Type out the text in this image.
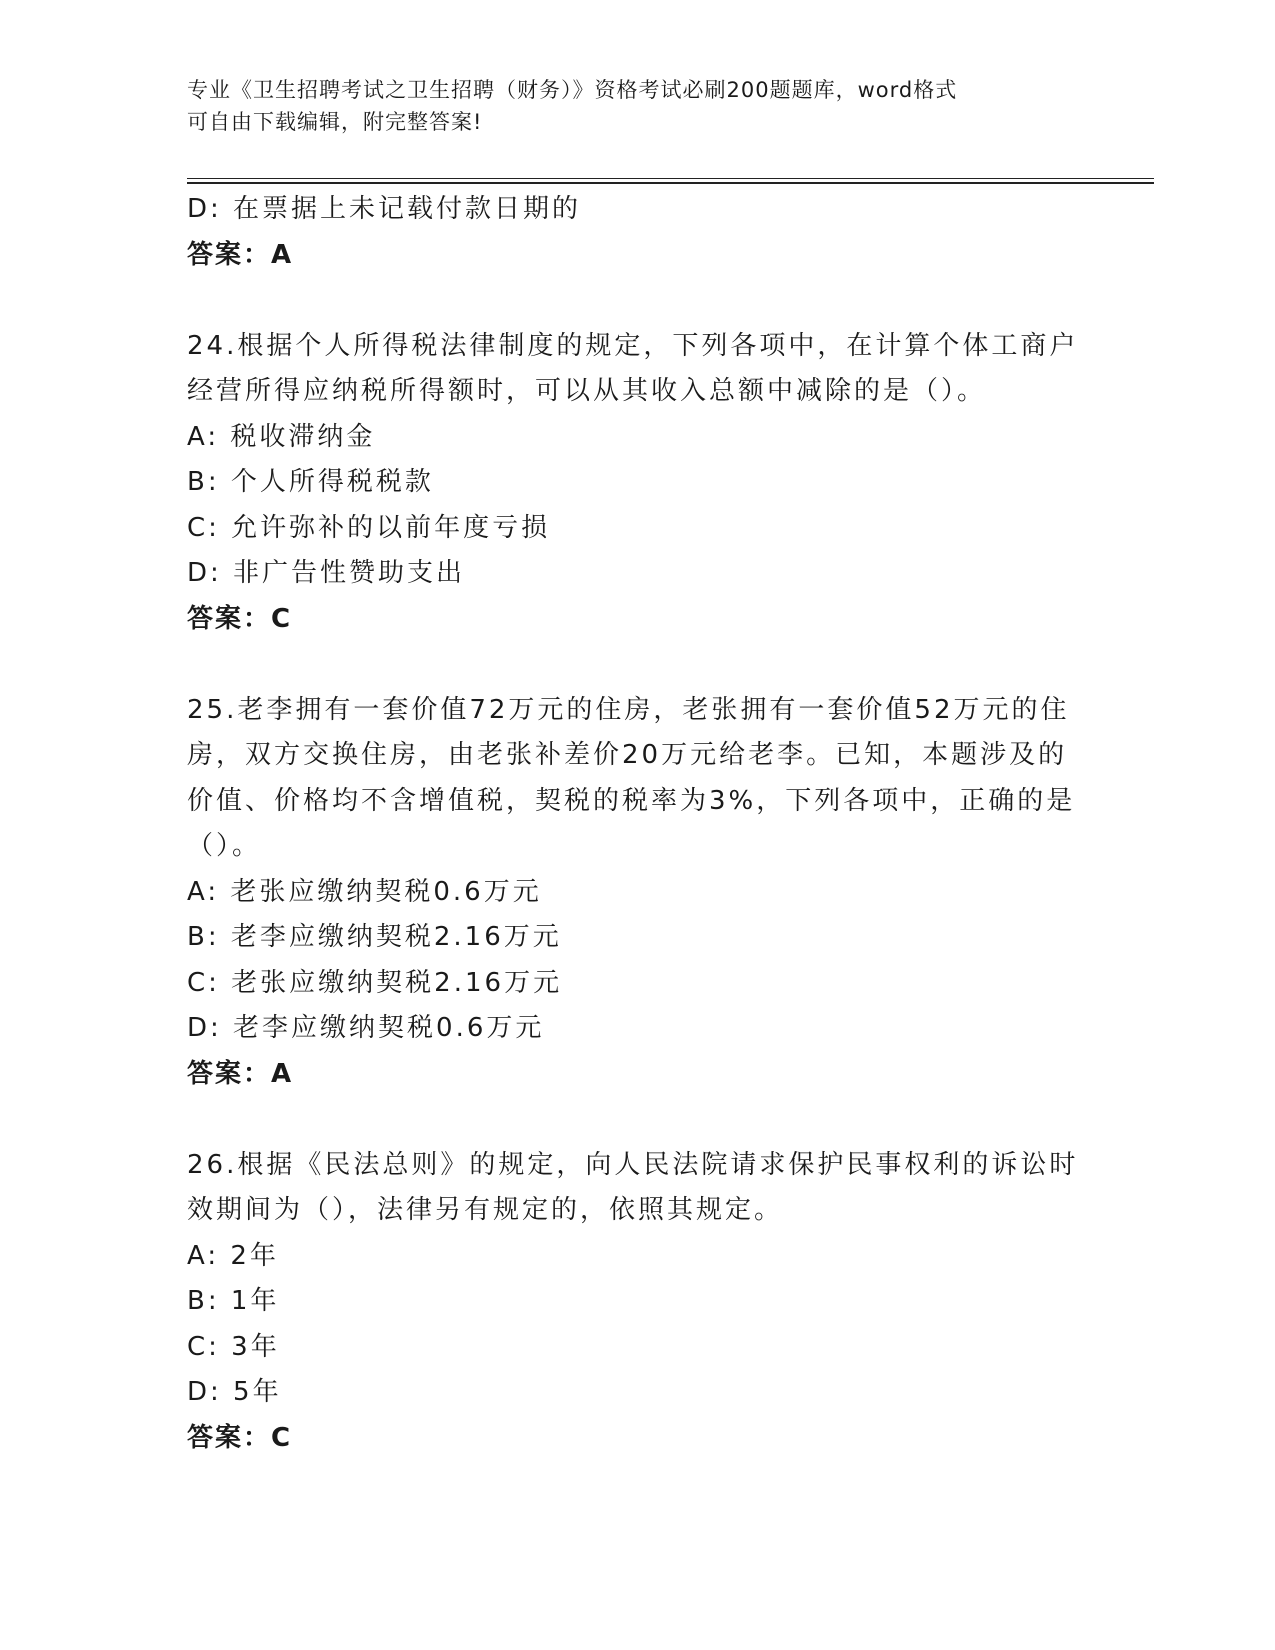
专业《卫生招聘考试之卫生招聘（财务）》资格考试必刷200题题库，word格式
可自由下载编辑，附完整答案!
D: 在票据上未记载付款日期的
答案：A
24.根据个人所得税法律制度的规定，下列各项中，在计算个体工商户
经营所得应纳税所得额时，可以从其收入总额中减除的是（）。
A: 税收滞纳金
B: 个人所得税税款
C: 允许弥补的以前年度亏损
D: 非广告性赞助支出
答案：C
25.老李拥有一套价值72万元的住房，老张拥有一套价值52万元的住
房，双方交换住房，由老张补差价20万元给老李。已知，本题涉及的
价值、价格均不含增值税，契税的税率为3%，下列各项中，正确的是
（）。
A: 老张应缴纳契税0.6万元
B: 老李应缴纳契税2.16万元
C: 老张应缴纳契税2.16万元
D: 老李应缴纳契税0.6万元
答案：A
26.根据《民法总则》的规定，向人民法院请求保护民事权利的诉讼时
效期间为（），法律另有规定的，依照其规定。
A: 2年
B: 1年
C: 3年
D: 5年
答案：C
